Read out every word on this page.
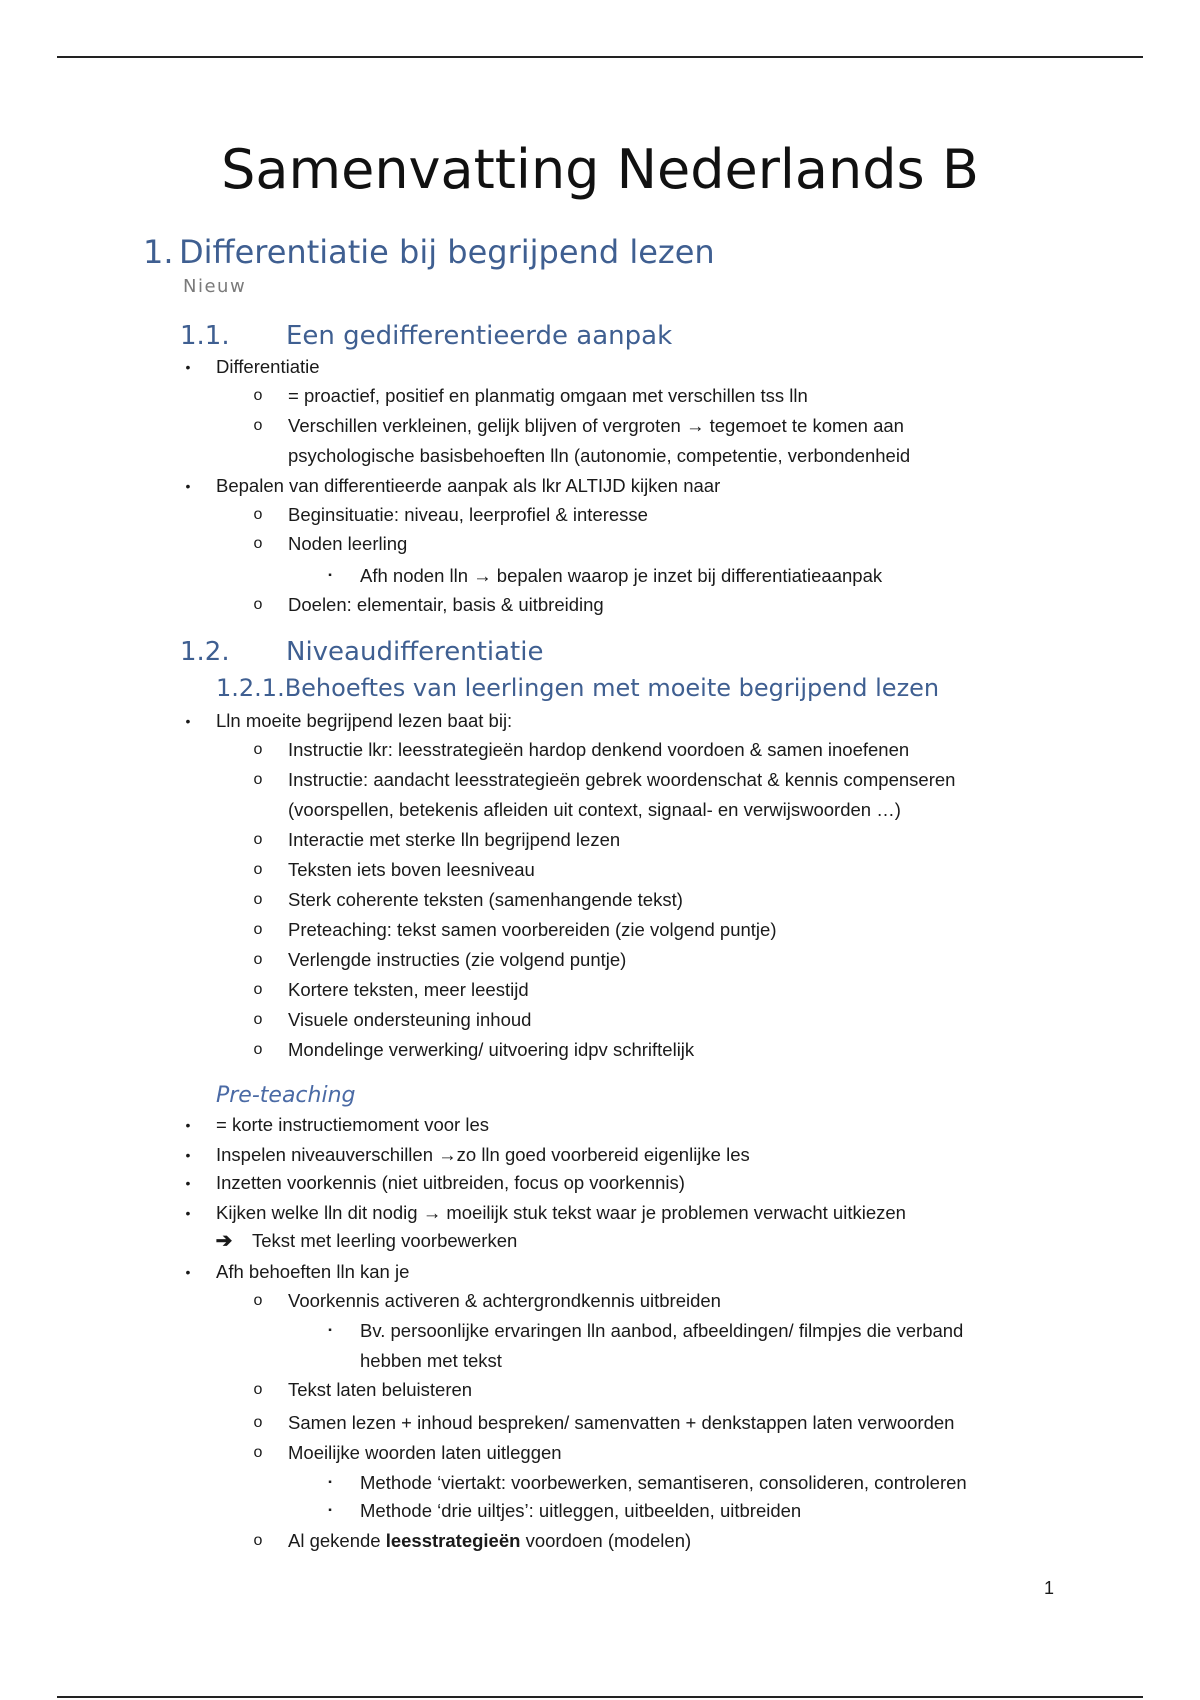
Samenvatting Nederlands B
1. Differentiatie bij begrijpend lezen
Nieuw
1.1. Een gedifferentieerde aanpak
•	Differentiatie
o = proactief, positief en planmatig omgaan met verschillen tss lln
o Verschillen verkleinen, gelijk blijven of vergroten → tegemoet te komen aan
psychologische basisbehoeften lln (autonomie, competentie, verbondenheid
•	Bepalen van differentieerde aanpak als lkr ALTIJD kijken naar
o Beginsituatie: niveau, leerprofiel & interesse
o Noden leerling
▪	Afh noden lln → bepalen waarop je inzet bij differentiatieaanpak
o Doelen: elementair, basis & uitbreiding
1.2. Niveaudifferentiatie
1.2.1.Behoeftes van leerlingen met moeite begrijpend lezen
•	Lln moeite begrijpend lezen baat bij:
o Instructie lkr: leesstrategieën hardop denkend voordoen & samen inoefenen
o Instructie: aandacht leesstrategieën gebrek woordenschat & kennis compenseren
(voorspellen, betekenis afleiden uit context, signaal- en verwijswoorden …)
o Interactie met sterke lln begrijpend lezen
o Teksten iets boven leesniveau
o Sterk coherente teksten (samenhangende tekst)
o Preteaching: tekst samen voorbereiden (zie volgend puntje)
o Verlengde instructies (zie volgend puntje)
o Kortere teksten, meer leestijd
o Visuele ondersteuning inhoud
o Mondelinge verwerking/ uitvoering idpv schriftelijk
Pre-teaching
•	= korte instructiemoment voor les
•	Inspelen niveauverschillen →zo lln goed voorbereid eigenlijke les
•	Inzetten voorkennis (niet uitbreiden, focus op voorkennis)
•	Kijken welke lln dit nodig → moeilijk stuk tekst waar je problemen verwacht uitkiezen
➔ Tekst met leerling voorbewerken
•	Afh behoeften lln kan je
o Voorkennis activeren & achtergrondkennis uitbreiden
▪	Bv. persoonlijke ervaringen lln aanbod, afbeeldingen/ filmpjes die verband
hebben met tekst
o Tekst laten beluisteren
o Samen lezen + inhoud bespreken/ samenvatten + denkstappen laten verwoorden
o Moeilijke woorden laten uitleggen
▪	Methode ‘viertakt: voorbewerken, semantiseren, consolideren, controleren
▪	Methode ‘drie uiltjes’: uitleggen, uitbeelden, uitbreiden
o Al gekende leesstrategieën voordoen (modelen)
1
